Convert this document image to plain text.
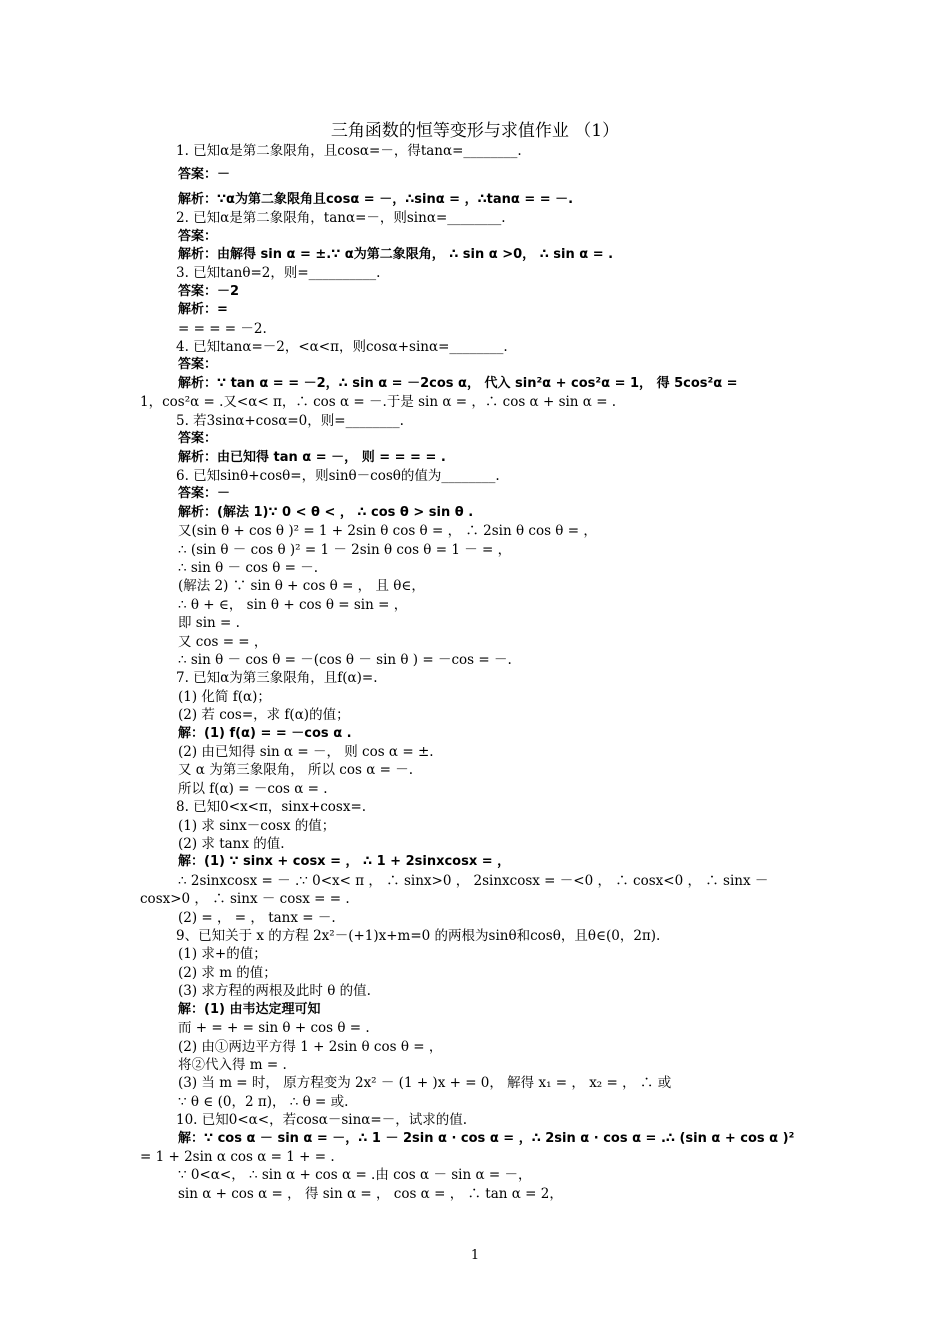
三角函数的恒等变形与求值作业 （1）
1. 已知α是第二象限角，且cosα=－，得tanα=________.
答案：－
解析：∵α为第二象限角且cosα = －，∴sinα = ，∴tanα = = －.
2. 已知α是第二象限角，tanα=－，则sinα=________.
答案：
解析：由解得 sin α = ±.∵ α为第二象限角， ∴ sin α >0， ∴ sin α = .
3. 已知tanθ=2，则=__________.
答案：－2
解析：=
= = = = －2.
4. 已知tanα=－2，<α<π，则cosα+sinα=________.
答案：
解析：∵ tan α = = －2，∴ sin α = －2cos α， 代入 sin²α + cos²α = 1， 得 5cos²α =
1，cos²α = .又<α< π，∴ cos α = －.于是 sin α = ，∴ cos α + sin α = .
5. 若3sinα+cosα=0，则=________.
答案：
解析：由已知得 tan α = －， 则 = = = = .
6. 已知sinθ+cosθ=，则sinθ－cosθ的值为________.
答案：－
解析：(解法 1)∵ 0 < θ < ， ∴ cos θ > sin θ .
又(sin θ + cos θ )² = 1 + 2sin θ cos θ = ， ∴ 2sin θ cos θ = ，
∴ (sin θ － cos θ )² = 1 － 2sin θ cos θ = 1 － = ，
∴ sin θ － cos θ = －.
(解法 2) ∵ sin θ + cos θ = ， 且 θ∈，
∴ θ + ∈， sin θ + cos θ = sin = ，
即 sin = .
又 cos = = ，
∴ sin θ － cos θ = －(cos θ － sin θ ) = －cos = －.
7. 已知α为第三象限角，且f(α)=.
(1) 化简 f(α)；
(2) 若 cos=，求 f(α)的值；
解：(1) f(α) = = －cos α .
(2) 由已知得 sin α = －， 则 cos α = ±.
又 α 为第三象限角， 所以 cos α = －.
所以 f(α) = －cos α = .
8. 已知0<x<π，sinx+cosx=.
(1) 求 sinx－cosx 的值；
(2) 求 tanx 的值.
解：(1) ∵ sinx + cosx = ， ∴ 1 + 2sinxcosx = ，
∴ 2sinxcosx = － .∵ 0<x< π ， ∴ sinx>0 ， 2sinxcosx = －<0 ， ∴ cosx<0 ， ∴ sinx －
cosx>0 ， ∴ sinx － cosx = = .
(2) = ， = ， tanx = －.
9、已知关于 x 的方程 2x²－(+1)x+m=0 的两根为sinθ和cosθ，且θ∈(0，2π).
(1) 求+的值；
(2) 求 m 的值；
(3) 求方程的两根及此时 θ 的值.
解：(1) 由韦达定理可知
而 + = + = sin θ + cos θ = .
(2) 由①两边平方得 1 + 2sin θ cos θ = ，
将②代入得 m = .
(3) 当 m = 时， 原方程变为 2x² － (1 + )x + = 0， 解得 x₁ = ， x₂ = ， ∴ 或
∵ θ ∈ (0，2 π)， ∴ θ = 或.
10. 已知0<α<，若cosα－sinα=－，试求的值.
解：∵ cos α － sin α = －，∴ 1 － 2sin α · cos α = ，∴ 2sin α · cos α = .∴ (sin α + cos α )²
= 1 + 2sin α cos α = 1 + = .
∵ 0<α<， ∴ sin α + cos α = .由 cos α － sin α = －，
sin α + cos α = ， 得 sin α = ， cos α = ， ∴ tan α = 2，
1
